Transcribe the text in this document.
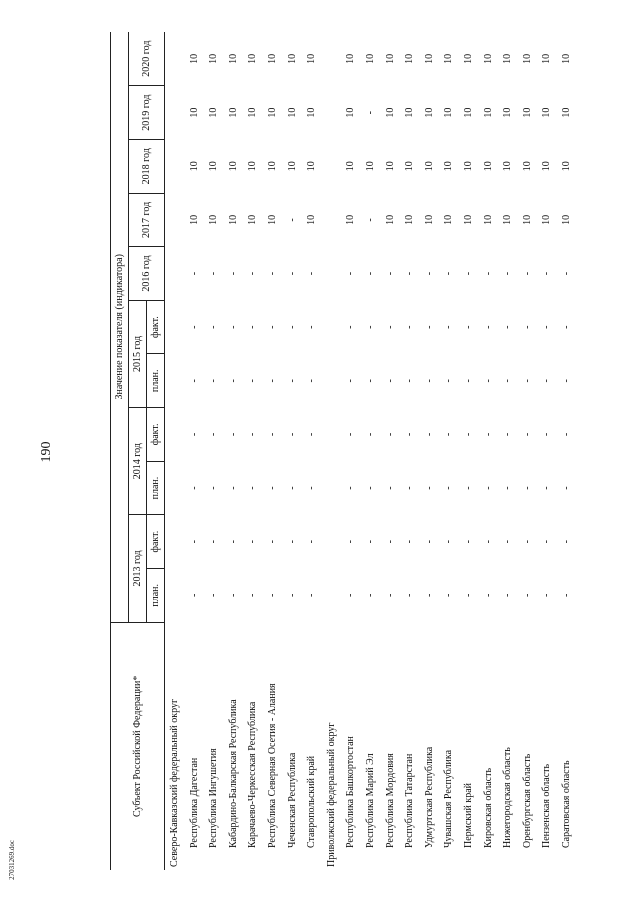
190
27031269.doc
Субъект Российской Федерации*	Значение показателя (индикатора)										
	2013 год		2014 год		2015 год		2016 год	2017 год	2018 год	2019 год	2020 год
	план.	факт.	план.	факт.	план.	факт.					
Северо-Кавказский федеральный округ											
Республика Дагестан	-	-	-	-	-	-	-	10	10	10	10
Республика Ингушетия	-	-	-	-	-	-	-	10	10	10	10
Кабардино-Балкарская Республика	-	-	-	-	-	-	-	10	10	10	10
Карачаево-Черкесская Республика	-	-	-	-	-	-	-	10	10	10	10
Республика Северная Осетия - Алания	-	-	-	-	-	-	-	10	10	10	10
Чеченская Республика	-	-	-	-	-	-	-	-	10	10	10
Ставропольский край	-	-	-	-	-	-	-	10	10	10	10
Приволжский федеральный округ											
Республика Башкортостан	-	-	-	-	-	-	-	10	10	10	10
Республика Марий Эл	-	-	-	-	-	-	-	-	10	-	10
Республика Мордовия	-	-	-	-	-	-	-	10	10	10	10
Республика Татарстан	-	-	-	-	-	-	-	10	10	10	10
Удмуртская Республика	-	-	-	-	-	-	-	10	10	10	10
Чувашская Республика	-	-	-	-	-	-	-	10	10	10	10
Пермский край	-	-	-	-	-	-	-	10	10	10	10
Кировская область	-	-	-	-	-	-	-	10	10	10	10
Нижегородская область	-	-	-	-	-	-	-	10	10	10	10
Оренбургская область	-	-	-	-	-	-	-	10	10	10	10
Пензенская область	-	-	-	-	-	-	-	10	10	10	10
Саратовская область	-	-	-	-	-	-	-	10	10	10	10
